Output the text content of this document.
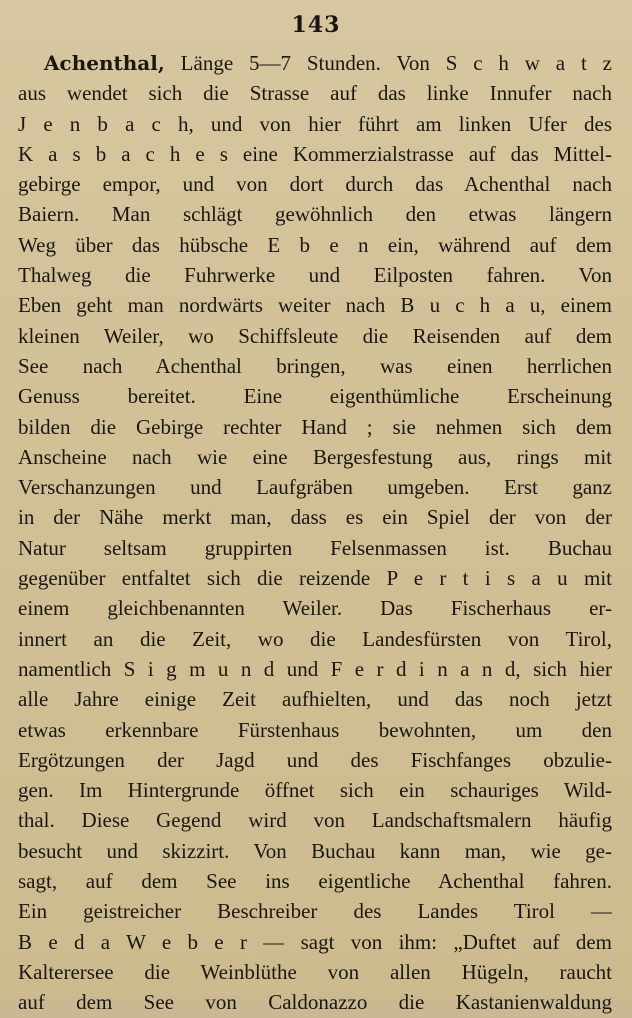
143
Achenthal, Länge 5—7 Stunden. Von S c h w a t z
aus wendet sich die Strasse auf das linke Innufer nach
J e n b a c h, und von hier führt am linken Ufer des
K a s b a c h e s eine Kommerzialstrasse auf das Mittel-
gebirge empor, und von dort durch das Achenthal nach
Baiern. Man schlägt gewöhnlich den etwas längern
Weg über das hübsche E b e n ein, während auf dem
Thalweg die Fuhrwerke und Eilposten fahren. Von
Eben geht man nordwärts weiter nach B u c h a u, einem
kleinen Weiler, wo Schiffsleute die Reisenden auf dem
See nach Achenthal bringen, was einen herrlichen
Genuss bereitet. Eine eigenthümliche Erscheinung
bilden die Gebirge rechter Hand ; sie nehmen sich dem
Anscheine nach wie eine Bergesfestung aus, rings mit
Verschanzungen und Laufgräben umgeben. Erst ganz
in der Nähe merkt man, dass es ein Spiel der von der
Natur seltsam gruppirten Felsenmassen ist. Buchau
gegenüber entfaltet sich die reizende P e r t i s a u mit
einem gleichbenannten Weiler. Das Fischerhaus er-
innert an die Zeit, wo die Landesfürsten von Tirol,
namentlich S i g m u n d und F e r d i n a n d, sich hier
alle Jahre einige Zeit aufhielten, und das noch jetzt
etwas erkennbare Fürstenhaus bewohnten, um den
Ergötzungen der Jagd und des Fischfanges obzulie-
gen. Im Hintergrunde öffnet sich ein schauriges Wild-
thal. Diese Gegend wird von Landschaftsmalern häufig
besucht und skizzirt. Von Buchau kann man, wie ge-
sagt, auf dem See ins eigentliche Achenthal fahren.
Ein geistreicher Beschreiber des Landes Tirol —
B e d a W e b e r — sagt von ihm: „Duftet auf dem
Kalterersee die Weinblüthe von allen Hügeln, raucht
auf dem See von Caldonazzo die Kastanienwaldung
